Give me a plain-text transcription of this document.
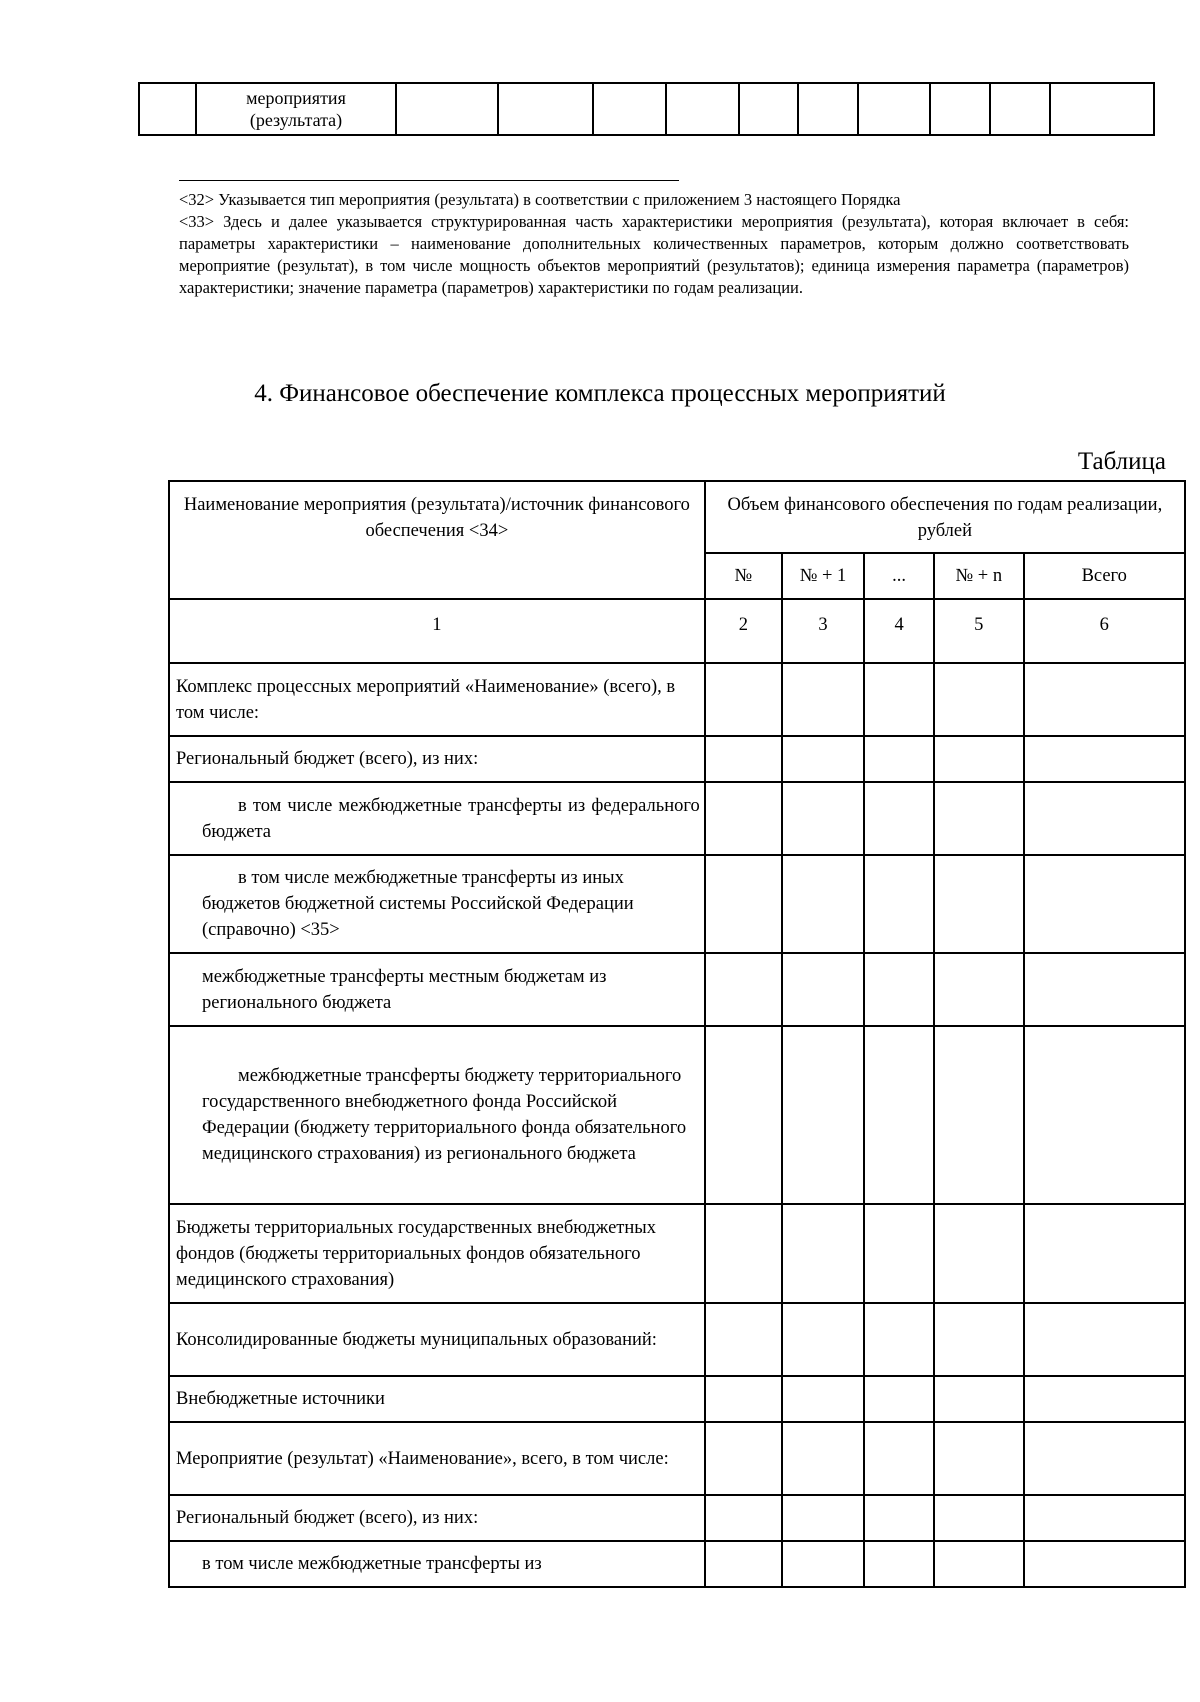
мероприятия
(результата)

<32> Указывается тип мероприятия (результата) в соответствии с приложением 3 настоящего Порядка

<33> Здесь и далее указывается структурированная часть характеристики мероприятия (результата), которая включает в себя: параметры характеристики – наименование дополнительных количественных параметров, которым должно соответствовать мероприятие (результат), в том числе мощность объектов мероприятий (результатов); единица измерения параметра (параметров) характеристики; значение параметра (параметров) характеристики по годам реализации.

4. Финансовое обеспечение комплекса процессных мероприятий
Таблица
Наименование мероприятия (результата)/источник финансового обеспечения <34>	Объем финансового обеспечения по годам реализации, рублей				
	№	№ + 1	...	№ + n	Всего
1	2	3	4	5	6
Комплекс процессных мероприятий «Наименование» (всего), в том числе:					
Региональный бюджет (всего), из них:					

в том числе межбюджетные трансферты из федерального бюджета					

в том числе межбюджетные трансферты из иных бюджетов бюджетной системы Российской Федерации (справочно) <35>					

межбюджетные трансферты местным бюджетам из регионального бюджета					

межбюджетные трансферты бюджету территориального государственного внебюджетного фонда Российской Федерации (бюджету территориального фонда обязательного медицинского страхования) из регионального бюджета					

Бюджеты территориальных государственных внебюджетных фондов (бюджеты территориальных фондов обязательного медицинского страхования)					
Консолидированные бюджеты муниципальных образований:					
Внебюджетные источники					
Мероприятие (результат) «Наименование», всего, в том числе:					
Региональный бюджет (всего), из них:					
в том числе межбюджетные трансферты из					
